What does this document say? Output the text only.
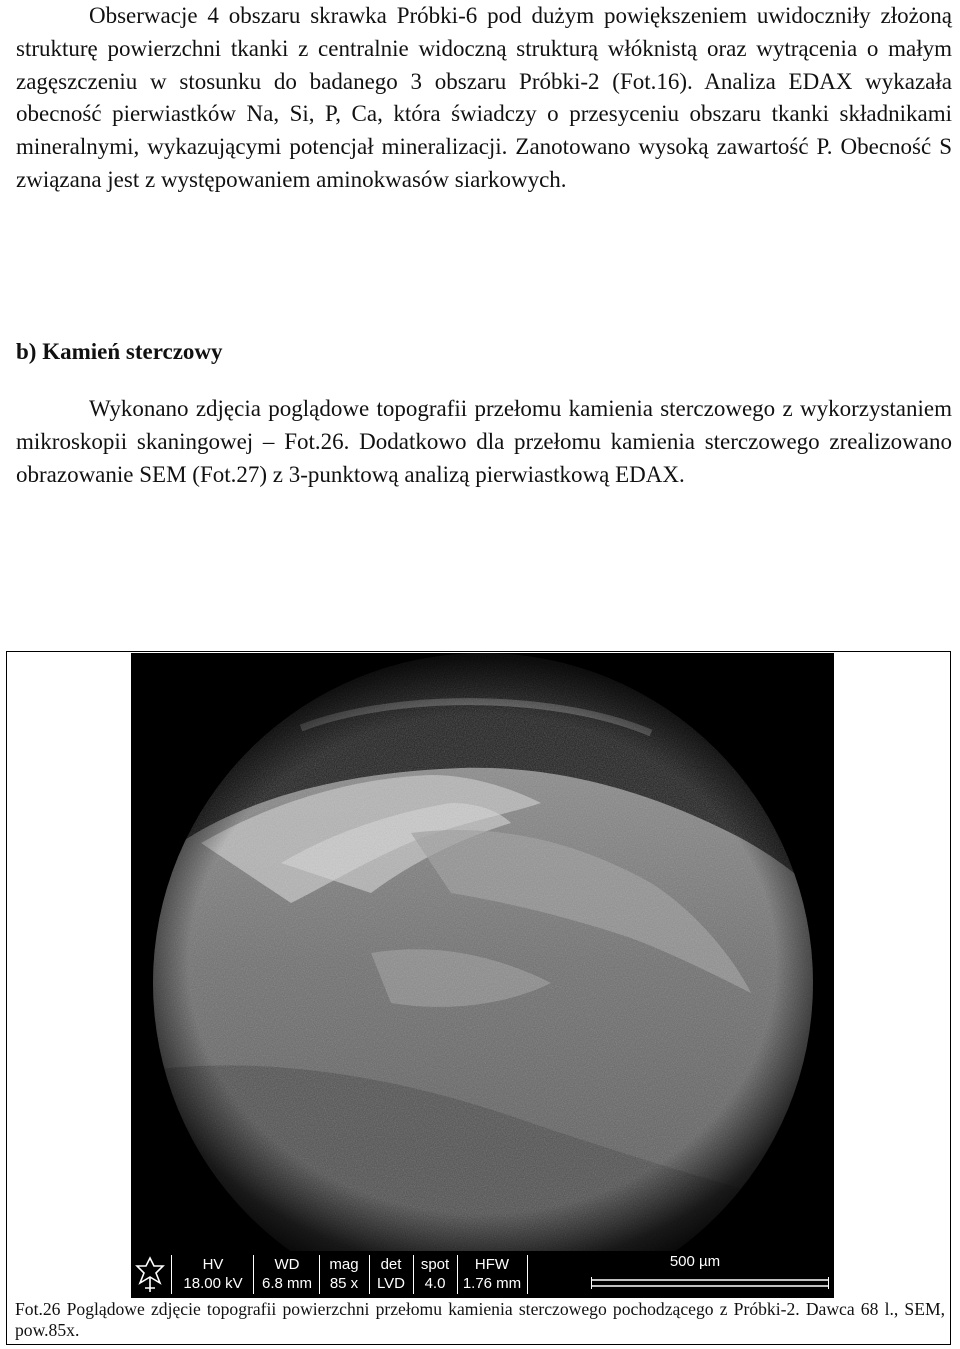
Obserwacje 4 obszaru skrawka Próbki-6 pod dużym powiększeniem uwidoczniły złożoną strukturę powierzchni tkanki z centralnie widoczną strukturą włóknistą oraz wytrącenia o małym zagęszczeniu w stosunku do badanego 3 obszaru Próbki-2 (Fot.16). Analiza EDAX wykazała obecność pierwiastków Na, Si, P, Ca, która świadczy o przesyceniu obszaru tkanki składnikami mineralnymi, wykazującymi potencjał mineralizacji. Zanotowano wysoką zawartość P. Obecność S związana jest z występowaniem aminokwasów siarkowych.

b) Kamień sterczowy

Wykonano zdjęcia poglądowe topografii przełomu kamienia sterczowego z wykorzystaniem mikroskopii skaningowej – Fot.26. Dodatkowo dla przełomu kamienia sterczowego zrealizowano obrazowanie SEM (Fot.27) z 3-punktową analizą pierwiastkową EDAX.

HV
18.00 kV
WD
6.8 mm
mag
85 x
det
LVD
spot
4.0
HFW
1.76 mm
500 µm

Fot.26 Poglądowe zdjęcie topografii powierzchni przełomu kamienia sterczowego pochodzącego z Próbki-2. Dawca 68 l., SEM, pow.85x.
